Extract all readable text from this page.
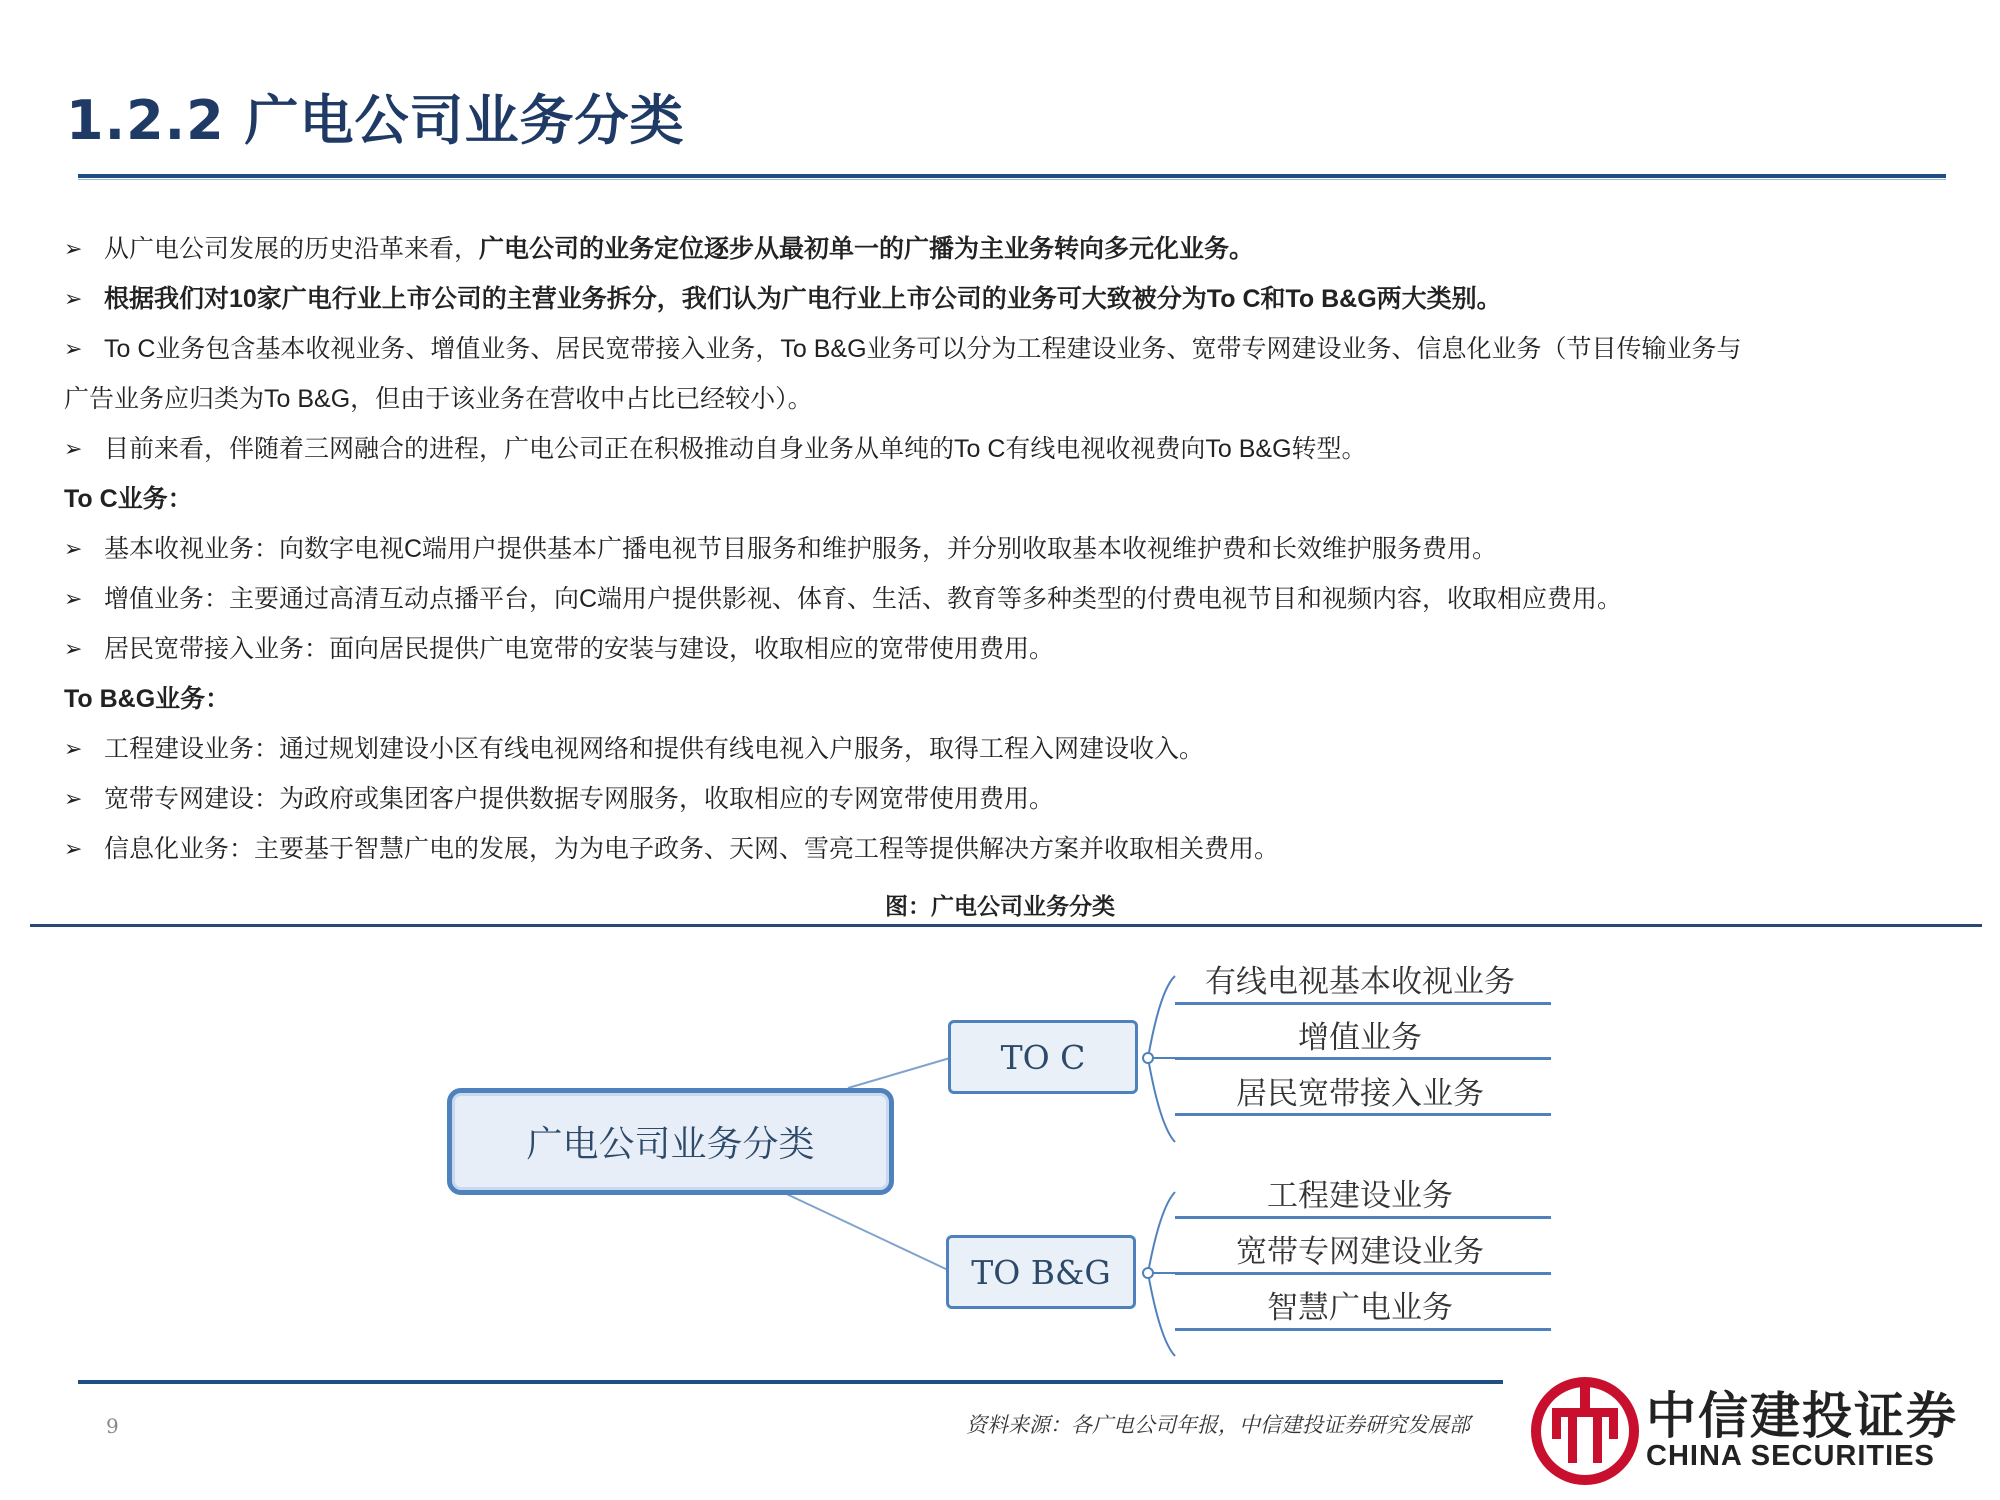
1.2.2 广电公司业务分类
➢ 从广电公司发展的历史沿革来看，广电公司的业务定位逐步从最初单一的广播为主业务转向多元化业务。
➢ 根据我们对10家广电行业上市公司的主营业务拆分，我们认为广电行业上市公司的业务可大致被分为To C和To B&G两大类别。
➢ To C业务包含基本收视业务、增值业务、居民宽带接入业务，To B&G业务可以分为工程建设业务、宽带专网建设业务、信息化业务（节目传输业务与
广告业务应归类为To B&G，但由于该业务在营收中占比已经较小）。
➢ 目前来看，伴随着三网融合的进程，广电公司正在积极推动自身业务从单纯的To C有线电视收视费向To B&G转型。
To C业务：
➢ 基本收视业务：向数字电视C端用户提供基本广播电视节目服务和维护服务，并分别收取基本收视维护费和长效维护服务费用。
➢ 增值业务：主要通过高清互动点播平台，向C端用户提供影视、体育、生活、教育等多种类型的付费电视节目和视频内容，收取相应费用。
➢ 居民宽带接入业务：面向居民提供广电宽带的安装与建设，收取相应的宽带使用费用。
To B&G业务：
➢ 工程建设业务：通过规划建设小区有线电视网络和提供有线电视入户服务，取得工程入网建设收入。
➢ 宽带专网建设：为政府或集团客户提供数据专网服务，收取相应的专网宽带使用费用。
➢ 信息化业务：主要基于智慧广电的发展，为为电子政务、天网、雪亮工程等提供解决方案并收取相关费用。
图：广电公司业务分类
广电公司业务分类
TO C
TO B&G
有线电视基本收视业务
增值业务
居民宽带接入业务
工程建设业务
宽带专网建设业务
智慧广电业务
9	资料来源：各广电公司年报，中信建投证券研究发展部	中信建投证券
CHINA SECURITIES
